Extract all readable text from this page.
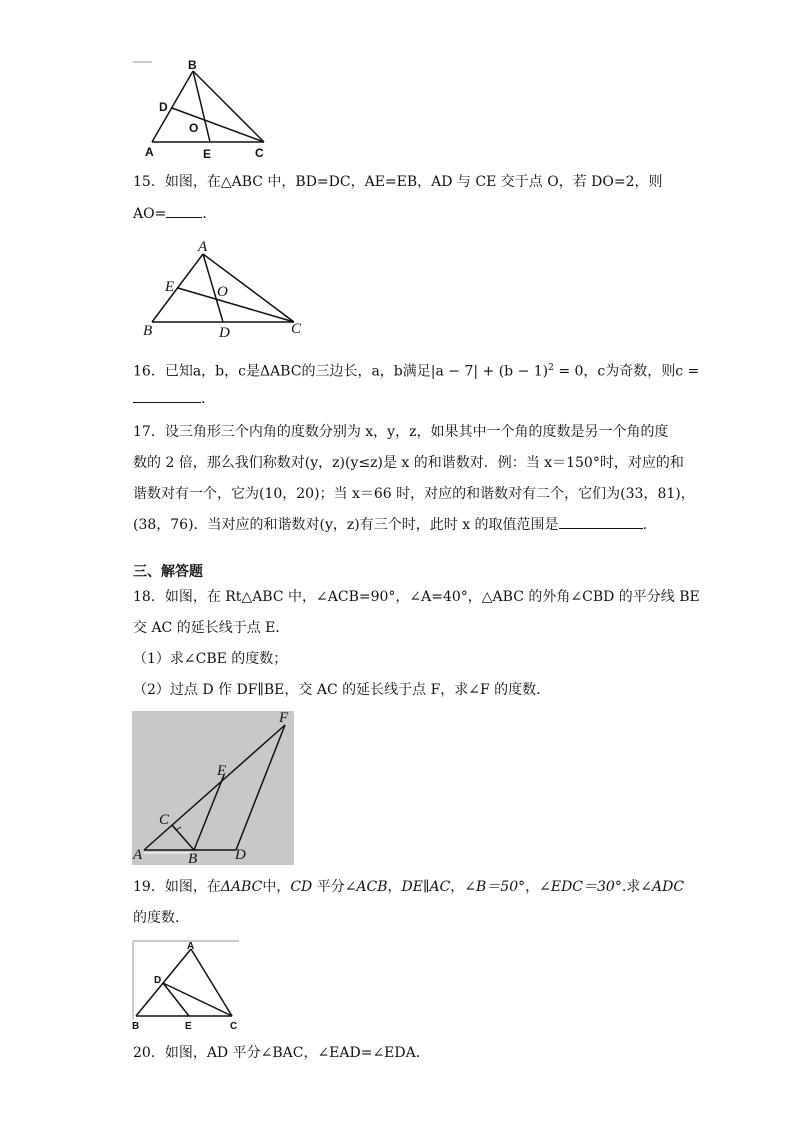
B
D
O
A	E	C
15．如图，在△ABC 中，BD=DC，AE=EB，AD 与 CE 交于点 O，若 DO=2，则
AO=	.
A
E	O
B	D	C
16．已知a，b，c是ΔABC的三边长，a，b满足$|a - 7| + (b - 1)^2 = 0$，c为奇数，则c =
.
17．设三角形三个内角的度数分别为 x，y，z，如果其中一个角的度数是另一个角的度
数的 2 倍，那么我们称数对(y，z)(y≤z)是 x 的和谐数对．例：当 x＝150°时，对应的和
谐数对有一个，它为(10，20)；当 x＝66 时，对应的和谐数对有二个，它们为(33，81)，
(38，76)．当对应的和谐数对(y，z)有三个时，此时 x 的取值范围是	.
三、解答题
18．如图，在 Rt△ABC 中，∠ACB=90°，∠A=40°，△ABC 的外角∠CBD 的平分线 BE
交 AC 的延长线于点 E．
（1）求∠CBE 的度数；
（2）过点 D 作 DF∥BE，交 AC 的延长线于点 F，求∠F 的度数．
F
E
C
A	B	D
19．如图，在ΔABC中，CD 平分∠ACB，DE∥AC，∠B＝50°，∠EDC＝30°.求∠ADC
的度数．
A
D
B	E	C
20．如图，AD 平分∠BAC，∠EAD=∠EDA．
